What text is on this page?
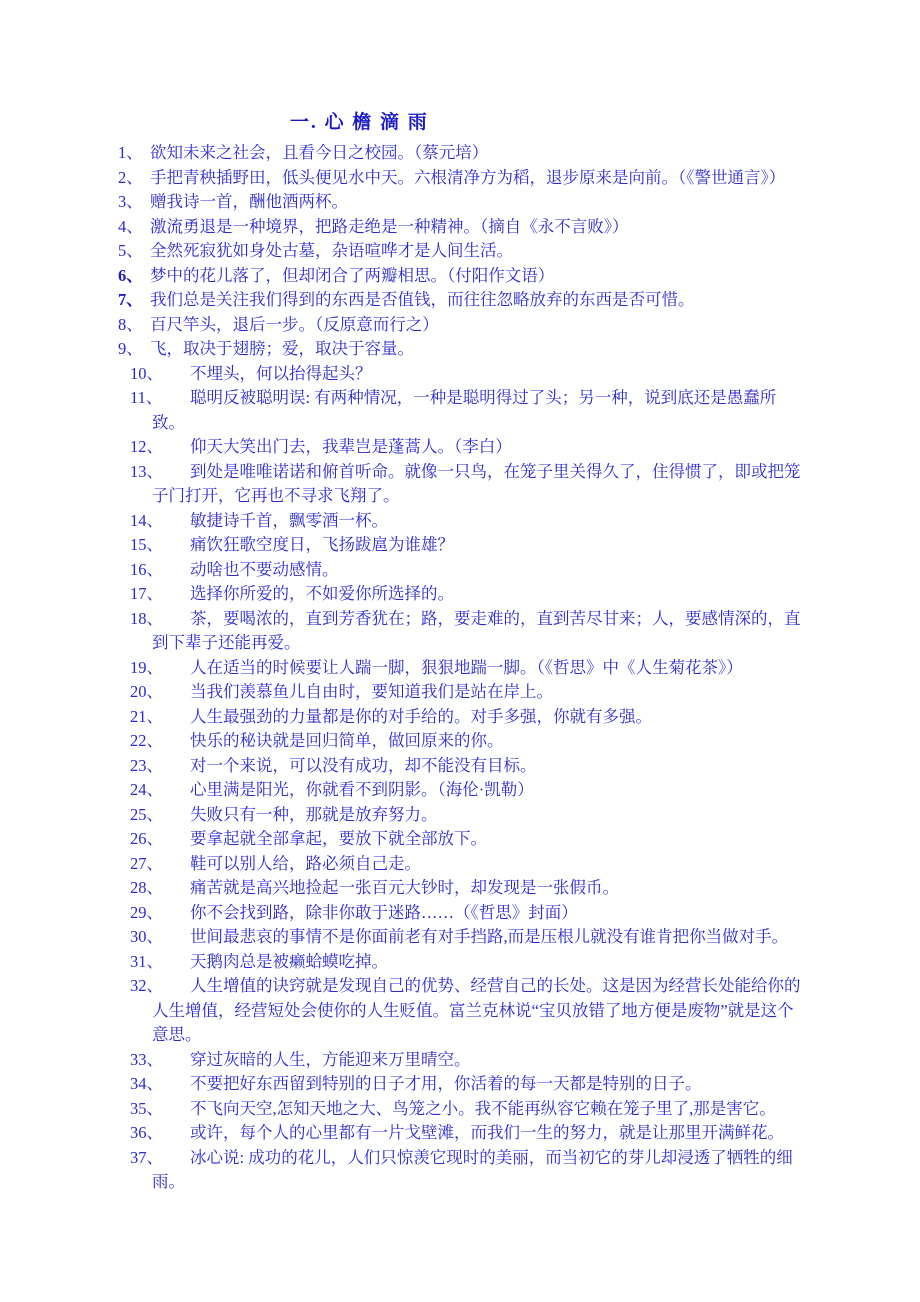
一. 心 檐 滴 雨

1、 欲知未来之社会，且看今日之校园。（蔡元培）

2、 手把青秧插野田，低头便见水中天。六根清净方为稻，退步原来是向前。（《警世通言》）

3、 赠我诗一首，酬他酒两杯。

4、 激流勇退是一种境界，把路走绝是一种精神。（摘自《永不言败》）

5、 全然死寂犹如身处古墓，杂语喧哗才是人间生活。

6、 梦中的花儿落了，但却闭合了两瓣相思。（付阳作文语）

7、 我们总是关注我们得到的东西是否值钱，而往往忽略放弃的东西是否可惜。

8、 百尺竿头，退后一步。（反原意而行之）

9、 飞，取决于翅膀；爱，取决于容量。

10、 不埋头，何以抬得起头？

11、 聪明反被聪明误: 有两种情况，一种是聪明得过了头；另一种，说到底还是愚蠢所致。

12、 仰天大笑出门去，我辈岂是蓬蒿人。（李白）

13、 到处是唯唯诺诺和俯首听命。就像一只鸟，在笼子里关得久了，住得惯了，即或把笼子门打开，它再也不寻求飞翔了。

14、 敏捷诗千首，飘零酒一杯。

15、 痛饮狂歌空度日，飞扬跋扈为谁雄？

16、 动啥也不要动感情。

17、 选择你所爱的，不如爱你所选择的。

18、 茶，要喝浓的，直到芳香犹在；路，要走难的，直到苦尽甘来；人，要感情深的，直到下辈子还能再爱。

19、 人在适当的时候要让人踹一脚，狠狠地踹一脚。（《哲思》中《人生菊花茶》）

20、 当我们羡慕鱼儿自由时，要知道我们是站在岸上。

21、 人生最强劲的力量都是你的对手给的。对手多强，你就有多强。

22、 快乐的秘诀就是回归简单，做回原来的你。

23、 对一个来说，可以没有成功，却不能没有目标。

24、 心里满是阳光，你就看不到阴影。（海伦·凯勒）

25、 失败只有一种，那就是放弃努力。

26、 要拿起就全部拿起，要放下就全部放下。

27、 鞋可以别人给，路必须自己走。

28、 痛苦就是高兴地捡起一张百元大钞时，却发现是一张假币。

29、 你不会找到路，除非你敢于迷路……（《哲思》封面）

30、 世间最悲哀的事情不是你面前老有对手挡路,而是压根儿就没有谁肯把你当做对手。

31、 天鹅肉总是被癞蛤蟆吃掉。

32、 人生增值的诀窍就是发现自己的优势、经营自己的长处。这是因为经营长处能给你的人生增值，经营短处会使你的人生贬值。富兰克林说“宝贝放错了地方便是废物”就是这个意思。

33、 穿过灰暗的人生，方能迎来万里晴空。

34、 不要把好东西留到特别的日子才用，你活着的每一天都是特别的日子。

35、 不飞向天空,怎知天地之大、鸟笼之小。我不能再纵容它赖在笼子里了,那是害它。

36、 或许，每个人的心里都有一片戈壁滩，而我们一生的努力，就是让那里开满鲜花。

37、 冰心说: 成功的花儿，人们只惊羡它现时的美丽，而当初它的芽儿却浸透了牺牲的细雨。
